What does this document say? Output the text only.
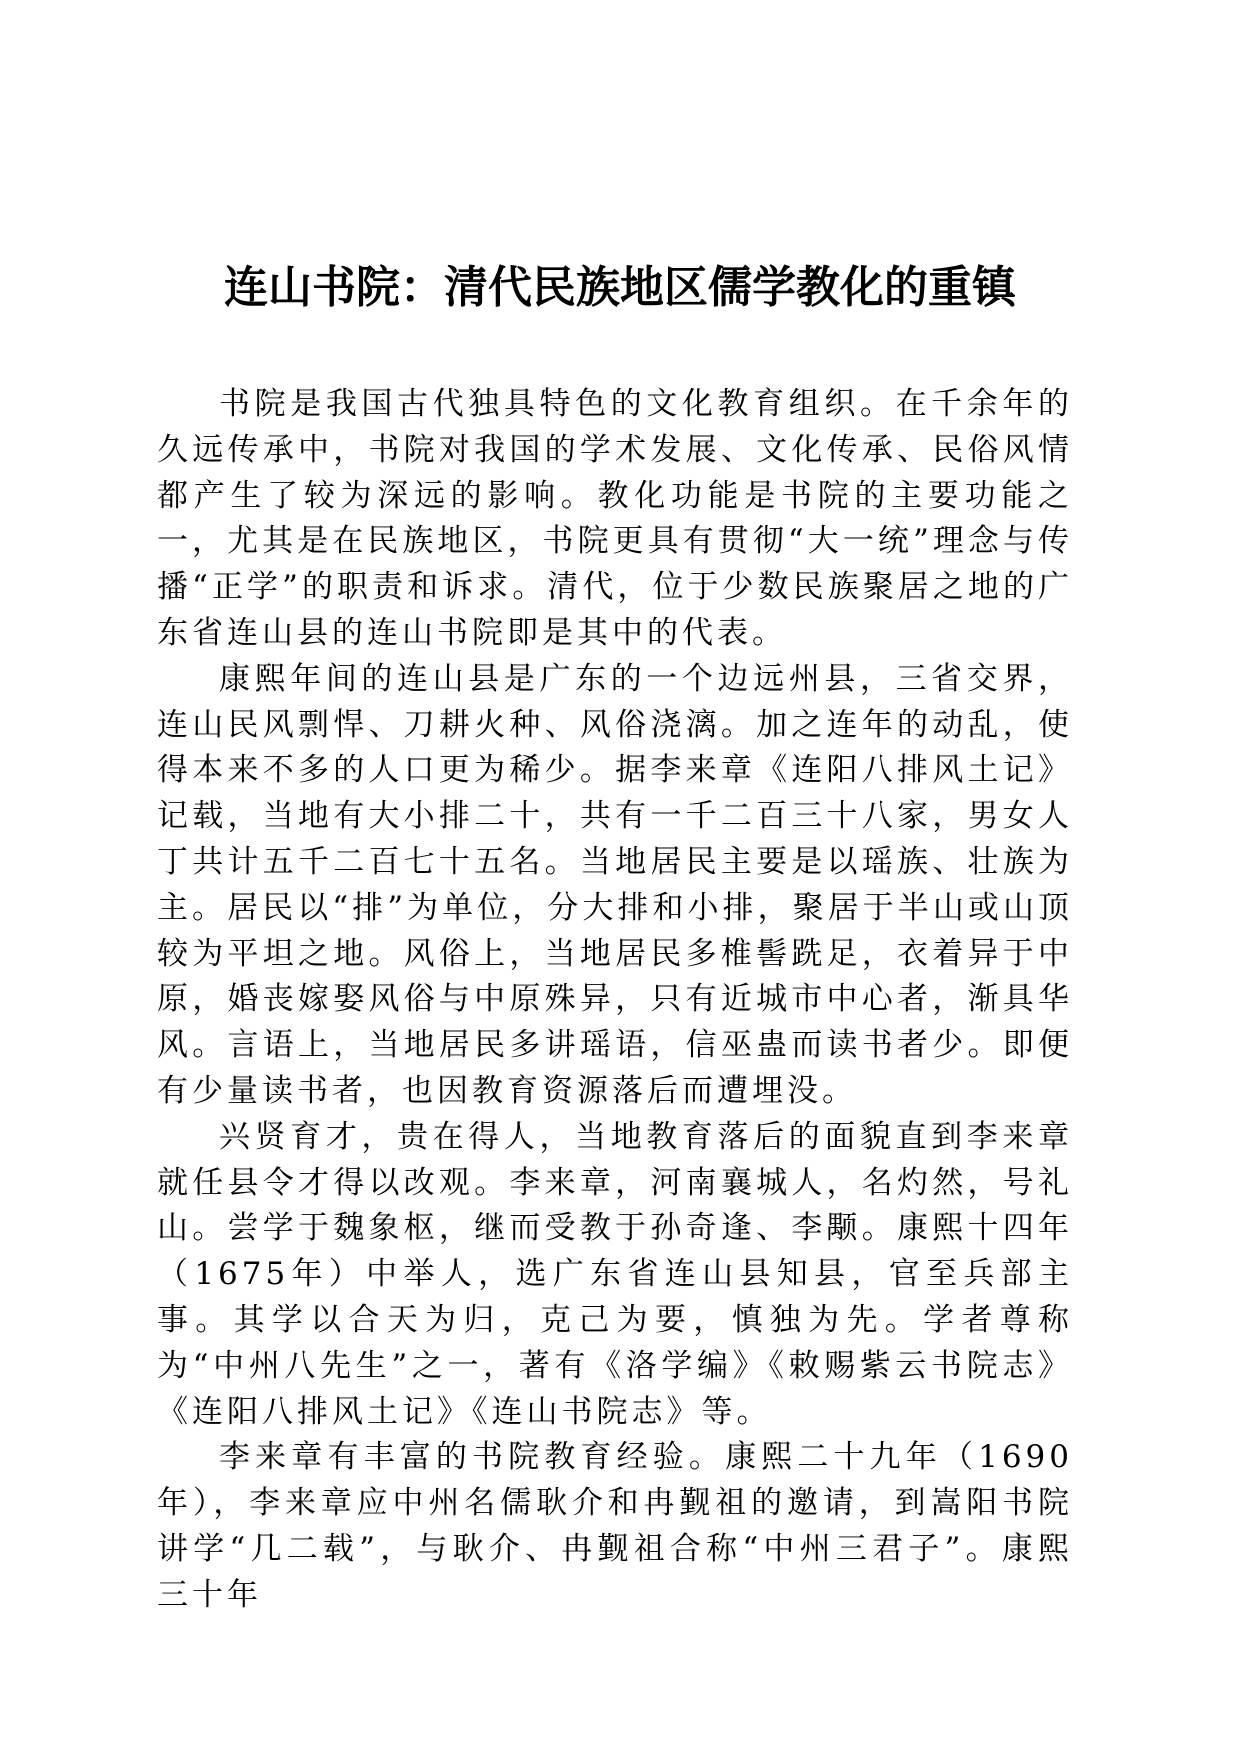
连山书院：清代民族地区儒学教化的重镇

书院是我国古代独具特色的文化教育组织。在千余年的久远传承中，书院对我国的学术发展、文化传承、民俗风情都产生了较为深远的影响。教化功能是书院的主要功能之一，尤其是在民族地区，书院更具有贯彻“大一统”理念与传播“正学”的职责和诉求。清代，位于少数民族聚居之地的广东省连山县的连山书院即是其中的代表。

康熙年间的连山县是广东的一个边远州县，三省交界，连山民风剽悍、刀耕火种、风俗浇漓。加之连年的动乱，使得本来不多的人口更为稀少。据李来章《连阳八排风土记》记载，当地有大小排二十，共有一千二百三十八家，男女人丁共计五千二百七十五名。当地居民主要是以瑶族、壮族为主。居民以“排”为单位，分大排和小排，聚居于半山或山顶较为平坦之地。风俗上，当地居民多椎髻跣足，衣着异于中原，婚丧嫁娶风俗与中原殊异，只有近城市中心者，渐具华风。言语上，当地居民多讲瑶语，信巫蛊而读书者少。即便有少量读书者，也因教育资源落后而遭埋没。

兴贤育才，贵在得人，当地教育落后的面貌直到李来章就任县令才得以改观。李来章，河南襄城人，名灼然，号礼山。尝学于魏象枢，继而受教于孙奇逢、李颙。康熙十四年（1675年）中举人，选广东省连山县知县，官至兵部主事。其学以合天为归，克己为要，慎独为先。学者尊称为“中州八先生”之一，著有《洛学编》《敕赐紫云书院志》《连阳八排风土记》《连山书院志》等。

李来章有丰富的书院教育经验。康熙二十九年（1690年），李来章应中州名儒耿介和冉觐祖的邀请，到嵩阳书院讲学“几二载”，与耿介、冉觐祖合称“中州三君子”。康熙三十年
